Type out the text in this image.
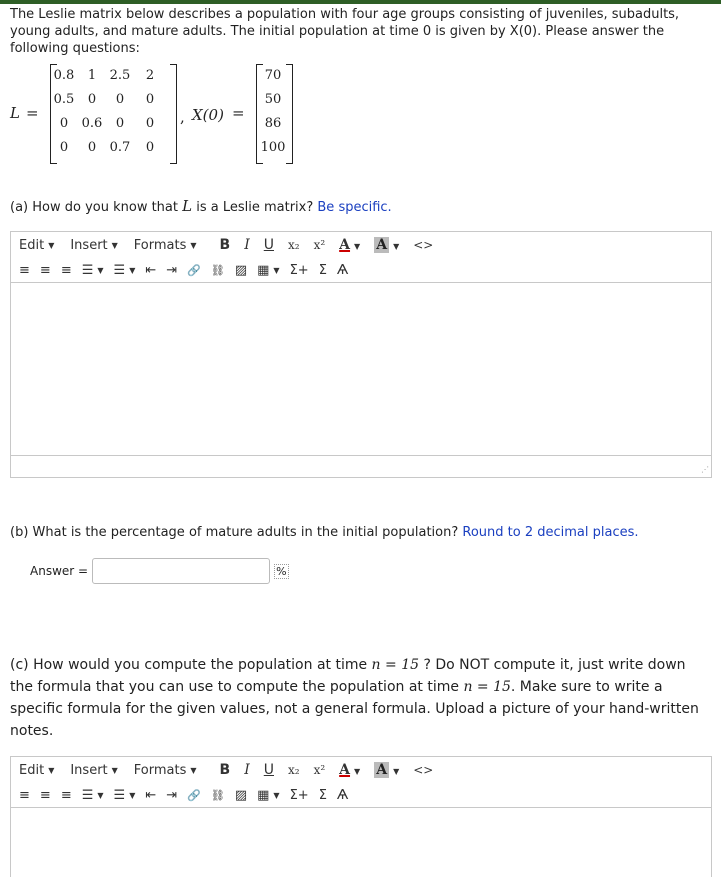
The Leslie matrix below describes a population with four age groups consisting of juveniles, subadults, young adults, and mature adults. The initial population at time 0 is given by X(0). Please answer the following questions:
L =
0.8	1	2.5	2
0.5	0	0	0
0	0.6	0	0
0	0	0.7	0
, X(0) =
70
50
86
100
(a) How do you know that L is a Leslie matrix? Be specific.
Edit ▼ Insert ▼ Formats ▼ B I U x₂ x² A ▼ A ▼ <>
≡ ≡ ≡ ☰ ▼ ☰ ▼ ⇤ ⇥ 🔗 ⛓ ▨ ▦ ▼ Σ+ Σ Ѧ
⋰
(b) What is the percentage of mature adults in the initial population? Round to 2 decimal places.
Answer =	%
(c) How would you compute the population at time n = 15 ? Do NOT compute it, just write down the formula that you can use to compute the population at time n = 15. Make sure to write a specific formula for the given values, not a general formula. Upload a picture of your hand-written notes.
Edit ▼ Insert ▼ Formats ▼ B I U x₂ x² A ▼ A ▼ <>
≡ ≡ ≡ ☰ ▼ ☰ ▼ ⇤ ⇥ 🔗 ⛓ ▨ ▦ ▼ Σ+ Σ Ѧ
